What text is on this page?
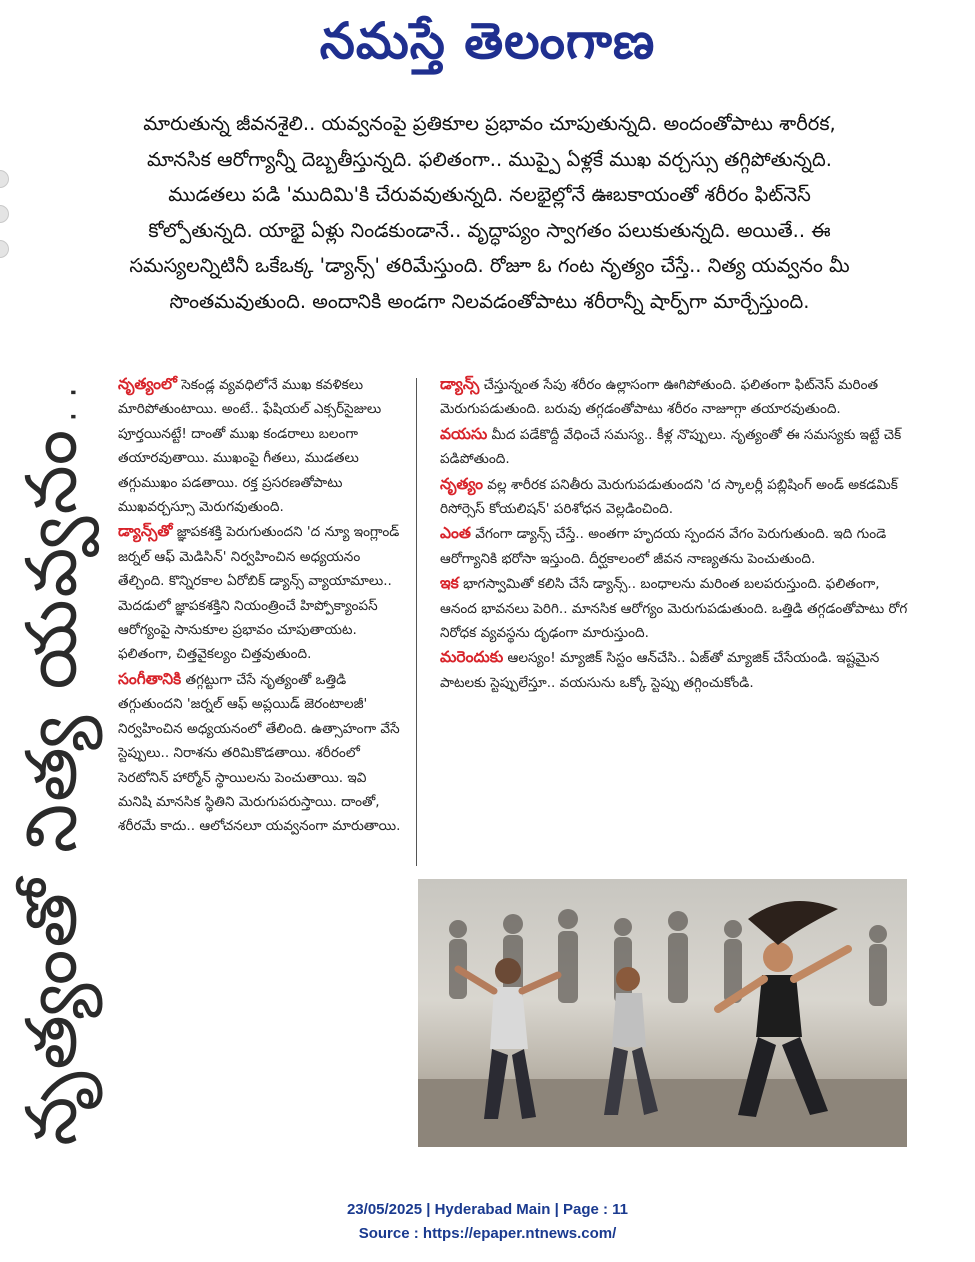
నమస్తే తెలంగాణ

మారుతున్న జీవనశైలి.. యవ్వనంపై ప్రతికూల ప్రభావం చూపుతున్నది. అందంతోపాటు శారీరక,

మానసిక ఆరోగ్యాన్నీ దెబ్బతీస్తున్నది. ఫలితంగా.. ముప్పై ఏళ్లకే ముఖ వర్చస్సు తగ్గిపోతున్నది.

ముడతలు పడి 'ముదిమి'కి చేరువవుతున్నది. నలభైల్లోనే ఊబకాయంతో శరీరం ఫిట్‌నెస్

కోల్పోతున్నది. యాభై ఏళ్లు నిండకుండానే.. వృద్ధాప్యం స్వాగతం పలుకుతున్నది. అయితే.. ఈ

సమస్యలన్నిటినీ ఒకేఒక్క 'డ్యాన్స్' తరిమేస్తుంది. రోజూ ఓ గంట నృత్యం చేస్తే.. నిత్య యవ్వనం మీ

సొంతమవుతుంది. అందానికి అండగా నిలవడంతోపాటు శరీరాన్నీ షార్ప్‌గా మార్చేస్తుంది.

నృత్యంతో నిత్య యవ్వనం..	నృత్యంలో సెకండ్ల వ్యవధిలోనే ముఖ కవళికలు మారిపోతుంటాయి. అంటే.. ఫేషియల్ ఎక్సర్‌సైజులు పూర్తయినట్టే! దాంతో ముఖ కండరాలు బలంగా తయారవుతాయి. ముఖంపై గీతలు, ముడతలు తగ్గుముఖం పడతాయి. రక్త ప్రసరణతోపాటు ముఖవర్చస్సూ మెరుగవుతుంది.

డ్యాన్స్‌తో జ్ఞాపకశక్తి పెరుగుతుందని 'ద న్యూ ఇంగ్లాండ్ జర్నల్ ఆఫ్ మెడిసిన్' నిర్వహించిన అధ్యయనం తేల్చింది. కొన్నిరకాల ఏరోబిక్ డ్యాన్స్ వ్యాయామాలు.. మెదడులో జ్ఞాపకశక్తిని నియంత్రించే హిప్పోక్యాంపస్ ఆరోగ్యంపై సానుకూల ప్రభావం చూపుతాయట. ఫలితంగా, చిత్తవైకల్యం చిత్తవుతుంది.

సంగీతానికి తగ్గట్టుగా చేసే నృత్యంతో ఒత్తిడి తగ్గుతుందని 'జర్నల్ ఆఫ్ అప్లయిడ్ జెరంటాలజీ' నిర్వహించిన అధ్యయనంలో తేలింది. ఉత్సాహంగా వేసే స్టెప్పులు.. నిరాశను తరిమికొడతాయి. శరీరంలో సెరటోనిన్ హార్మోన్ స్థాయిలను పెంచుతాయి. ఇవి మనిషి మానసిక స్థితిని మెరుగుపరుస్తాయి. దాంతో, శరీరమే కాదు.. ఆలోచనలూ యవ్వనంగా మారుతాయి.

డ్యాన్స్ చేస్తున్నంత సేపు శరీరం ఉల్లాసంగా ఊగిపోతుంది. ఫలితంగా ఫిట్‌నెస్ మరింత మెరుగుపడుతుంది. బరువు తగ్గడంతోపాటు శరీరం నాజూగ్గా తయారవుతుంది.

వయసు మీద పడేకొద్దీ వేధించే సమస్య.. కీళ్ల నొప్పులు. నృత్యంతో ఈ సమస్యకు ఇట్టే చెక్ పడిపోతుంది.

నృత్యం వల్ల శారీరక పనితీరు మెరుగుపడుతుందని 'ద స్కాలర్లీ పబ్లిషింగ్ అండ్ అకడమిక్ రిసోర్సెస్ కోయలిషన్' పరిశోధన వెల్లడించింది.

ఎంత వేగంగా డ్యాన్స్ చేస్తే.. అంతగా హృదయ స్పందన వేగం పెరుగుతుంది. ఇది గుండె ఆరోగ్యానికి భరోసా ఇస్తుంది. దీర్ఘకాలంలో జీవన నాణ్యతను పెంచుతుంది.

ఇక భాగస్వామితో కలిసి చేసే డ్యాన్స్.. బంధాలను మరింత బలపరుస్తుంది. ఫలితంగా, ఆనంద భావనలు పెరిగి.. మానసిక ఆరోగ్యం మెరుగుపడుతుంది. ఒత్తిడి తగ్గడంతోపాటు రోగ నిరోధక వ్యవస్థను దృఢంగా మారుస్తుంది.

మరెందుకు ఆలస్యం! మ్యాజిక్ సిస్టం ఆన్‌చేసి.. ఏజ్‌తో మ్యాజిక్ చేసేయండి. ఇష్టమైన పాటలకు స్టెప్పులేస్తూ.. వయసును ఒక్కో స్టెప్పు తగ్గించుకోండి.

23/05/2025 | Hyderabad Main | Page : 11
Source : https://epaper.ntnews.com/
